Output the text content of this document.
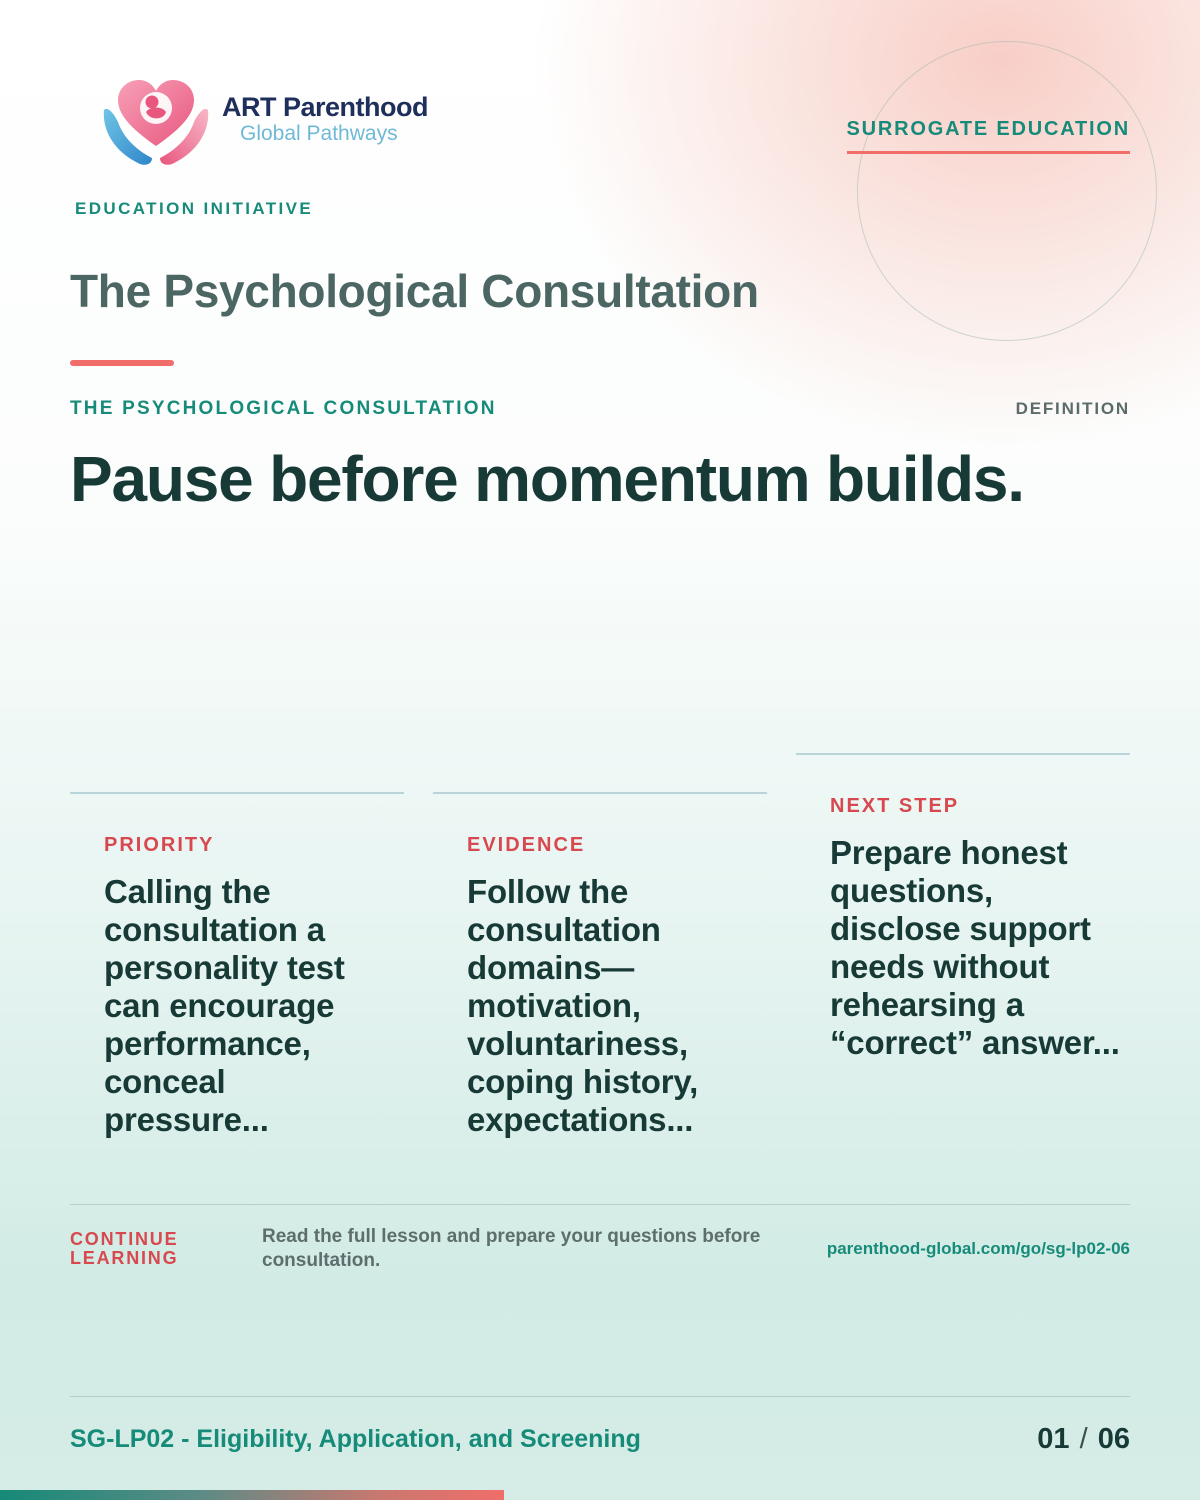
ART Parenthood
Global Pathways
EDUCATION INITIATIVE
SURROGATE EDUCATION
The Psychological Consultation
THE PSYCHOLOGICAL CONSULTATION	DEFINITION
Pause before momentum builds.
PRIORITY
Calling the consultation a personality test can encourage performance, conceal pressure...
EVIDENCE
Follow the consultation domains—motivation, voluntariness, coping history, expectations...
NEXT STEP
Prepare honest questions, disclose support needs without rehearsing a “correct” answer...
CONTINUE LEARNING
Read the full lesson and prepare your questions before consultation.
parenthood-global.com/go/sg-lp02-06
SG-LP02 - Eligibility, Application, and Screening	01 / 06
